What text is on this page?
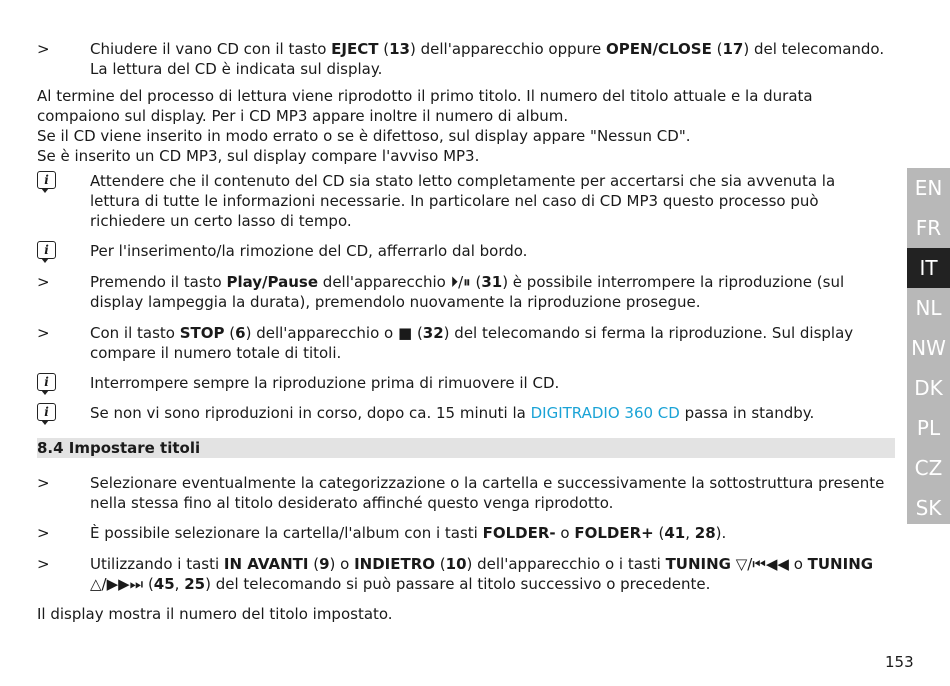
>	Chiudere il vano CD con il tasto EJECT (13) dell'apparecchio oppure OPEN/CLOSE (17) del telecomando.
La lettura del CD è indicata sul display.
Al termine del processo di lettura viene riprodotto il primo titolo. Il numero del titolo attuale e la durata
compaiono sul display. Per i CD MP3 appare inoltre il numero di album.
Se il CD viene inserito in modo errato o se è difettoso, sul display appare "Nessun CD".
Se è inserito un CD MP3, sul display compare l'avviso MP3.
i	Attendere che il contenuto del CD sia stato letto completamente per accertarsi che sia avvenuta la
lettura di tutte le informazioni necessarie. In particolare nel caso di CD MP3 questo processo può
richiedere un certo lasso di tempo.
i	Per l'inserimento/la rimozione del CD, afferrarlo dal bordo.
>	Premendo il tasto Play/Pause dell'apparecchio ⏵/⏸ (31) è possibile interrompere la riproduzione (sul
display lampeggia la durata), premendolo nuovamente la riproduzione prosegue.
>	Con il tasto STOP (6) dell'apparecchio o ■ (32) del telecomando si ferma la riproduzione. Sul display
compare il numero totale di titoli.
i	Interrompere sempre la riproduzione prima di rimuovere il CD.
i	Se non vi sono riproduzioni in corso, dopo ca. 15 minuti la DIGITRADIO 360 CD passa in standby.
8.4 Impostare titoli
>	Selezionare eventualmente la categorizzazione o la cartella e successivamente la sottostruttura presente
nella stessa fino al titolo desiderato affinché questo venga riprodotto.
>	È possibile selezionare la cartella/l'album con i tasti FOLDER- o FOLDER+ (41, 28).
>	Utilizzando i tasti IN AVANTI (9) o INDIETRO (10) dell'apparecchio o i tasti TUNING ▽/⏮◀◀ o TUNING
△/▶▶⏭ (45, 25) del telecomando si può passare al titolo successivo o precedente.
Il display mostra il numero del titolo impostato.
EN
FR
IT
NL
NW
DK
PL
CZ
SK
153
